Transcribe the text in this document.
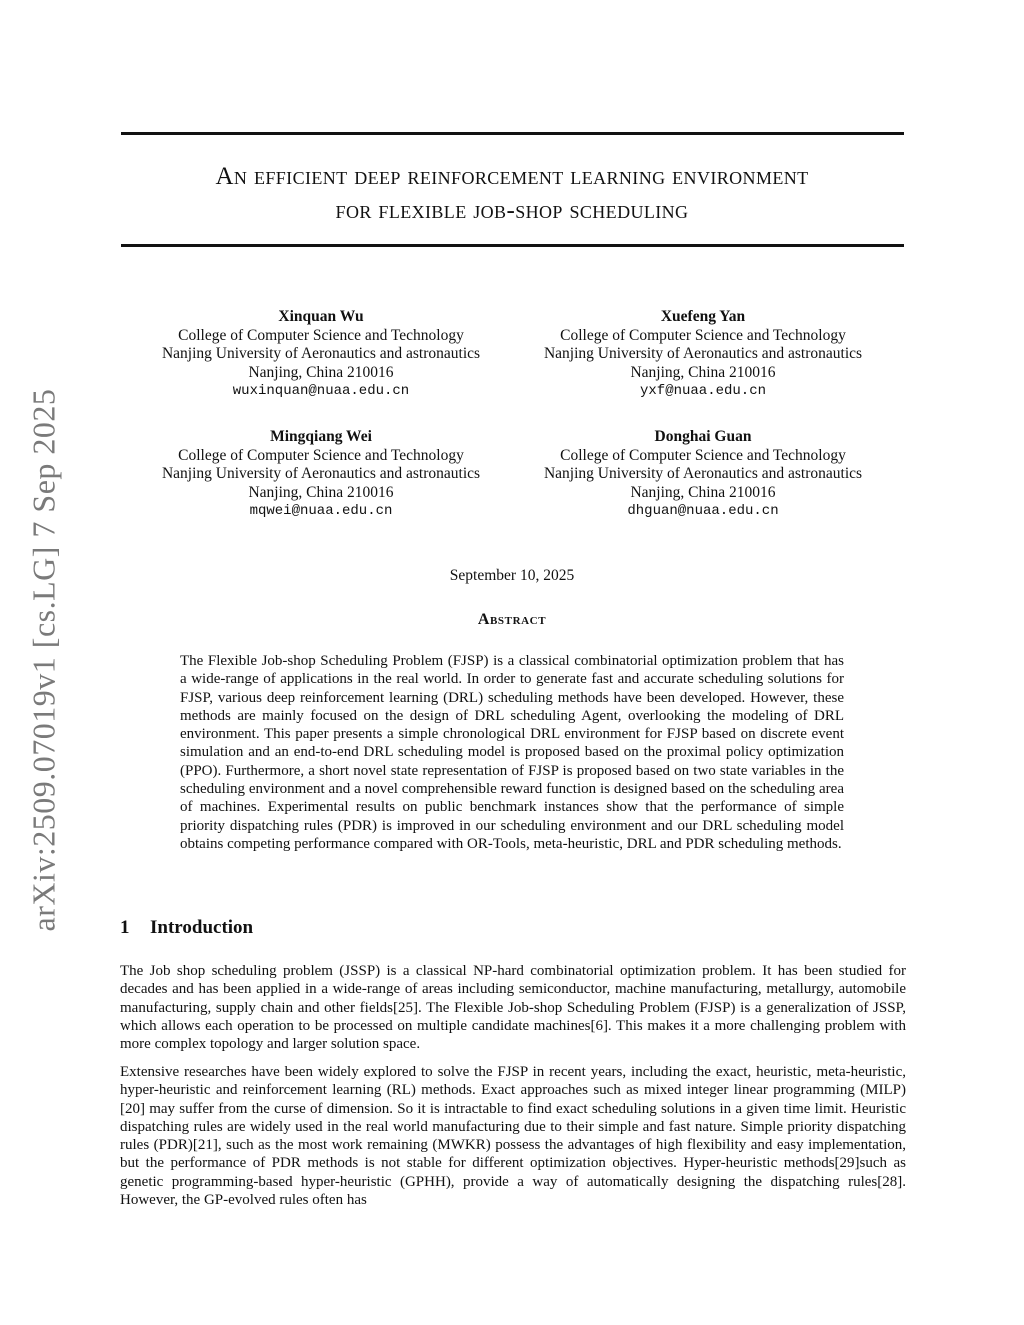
arXiv:2509.07019v1 [cs.LG] 7 Sep 2025
An efficient deep reinforcement learning environment
for flexible job-shop scheduling
Xinquan Wu
College of Computer Science and Technology
Nanjing University of Aeronautics and astronautics
Nanjing, China 210016
wuxinquan@nuaa.edu.cn
Xuefeng Yan
College of Computer Science and Technology
Nanjing University of Aeronautics and astronautics
Nanjing, China 210016
yxf@nuaa.edu.cn
Mingqiang Wei
College of Computer Science and Technology
Nanjing University of Aeronautics and astronautics
Nanjing, China 210016
mqwei@nuaa.edu.cn
Donghai Guan
College of Computer Science and Technology
Nanjing University of Aeronautics and astronautics
Nanjing, China 210016
dhguan@nuaa.edu.cn
September 10, 2025
Abstract

The Flexible Job-shop Scheduling Problem (FJSP) is a classical combinatorial optimization problem that has a wide-range of applications in the real world. In order to generate fast and accurate scheduling solutions for FJSP, various deep reinforcement learning (DRL) scheduling methods have been developed. However, these methods are mainly focused on the design of DRL scheduling Agent, overlooking the modeling of DRL environment. This paper presents a simple chronological DRL environment for FJSP based on discrete event simulation and an end-to-end DRL scheduling model is proposed based on the proximal policy optimization (PPO). Furthermore, a short novel state representation of FJSP is proposed based on two state variables in the scheduling environment and a novel comprehensible reward function is designed based on the scheduling area of machines. Experimental results on public benchmark instances show that the performance of simple priority dispatching rules (PDR) is improved in our scheduling environment and our DRL scheduling model obtains competing performance compared with OR-Tools, meta-heuristic, DRL and PDR scheduling methods.

1 Introduction

The Job shop scheduling problem (JSSP) is a classical NP-hard combinatorial optimization problem. It has been studied for decades and has been applied in a wide-range of areas including semiconductor, machine manufacturing, metallurgy, automobile manufacturing, supply chain and other fields[25]. The Flexible Job-shop Scheduling Problem (FJSP) is a generalization of JSSP, which allows each operation to be processed on multiple candidate machines[6]. This makes it a more challenging problem with more complex topology and larger solution space.

Extensive researches have been widely explored to solve the FJSP in recent years, including the exact, heuristic, meta-heuristic, hyper-heuristic and reinforcement learning (RL) methods. Exact approaches such as mixed integer linear programming (MILP) [20] may suffer from the curse of dimension. So it is intractable to find exact scheduling solutions in a given time limit. Heuristic dispatching rules are widely used in the real world manufacturing due to their simple and fast nature. Simple priority dispatching rules (PDR)[21], such as the most work remaining (MWKR) possess the advantages of high flexibility and easy implementation, but the performance of PDR methods is not stable for different optimization objectives. Hyper-heuristic methods[29]such as genetic programming-based hyper-heuristic (GPHH), provide a way of automatically designing the dispatching rules[28]. However, the GP-evolved rules often has
